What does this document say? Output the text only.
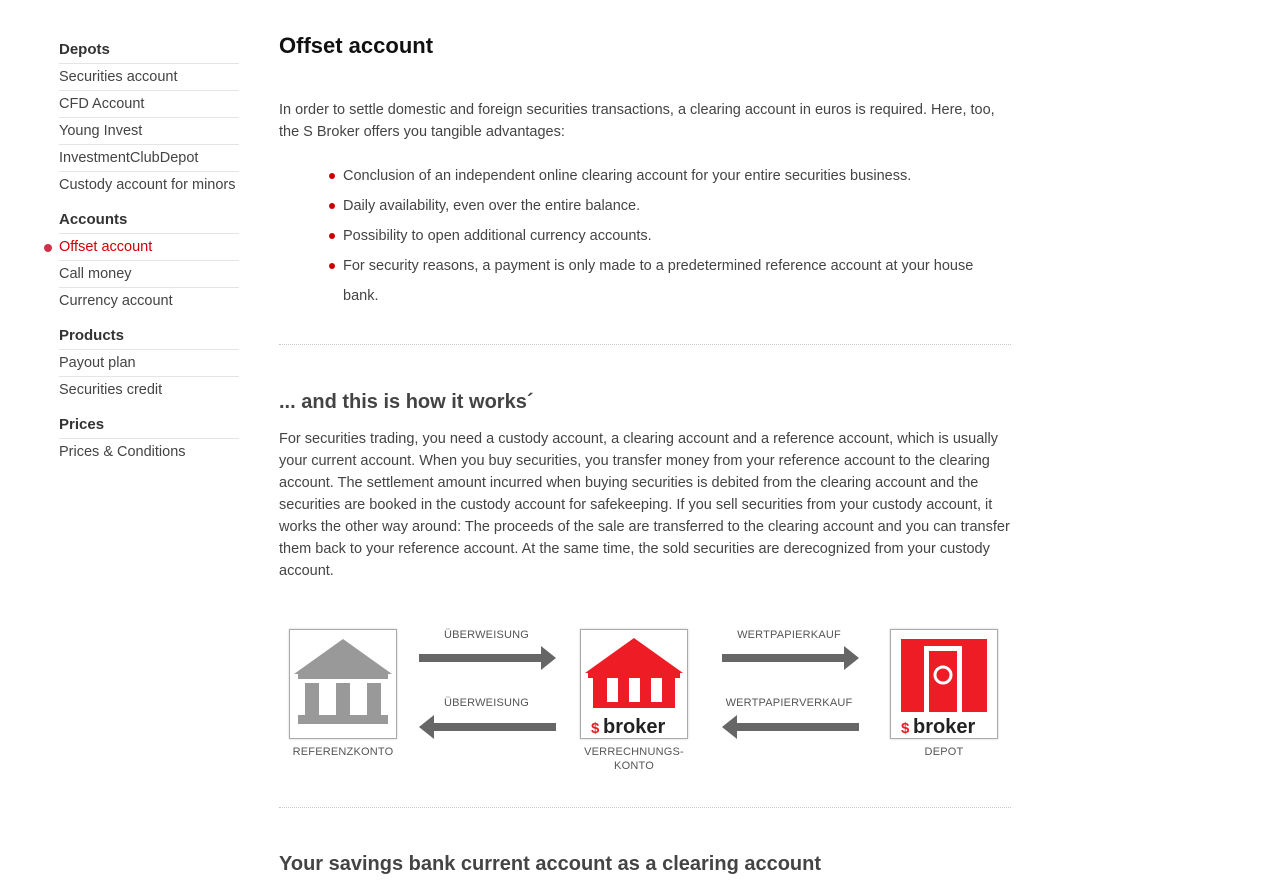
Depots
Securities account
CFD Account
Young Invest
InvestmentClubDepot
Custody account for minors
Accounts
Offset account
Call money
Currency account
Products
Payout plan
Securities credit
Prices
Prices & Conditions
Offset account

In order to settle domestic and foreign securities transactions, a clearing account in euros is required. Here, too, the S Broker offers you tangible advantages:

Conclusion of an independent online clearing account for your entire securities business.
Daily availability, even over the entire balance.
Possibility to open additional currency accounts.
For security reasons, a payment is only made to a predetermined reference account at your house bank.
... and this is how it works´

For securities trading, you need a custody account, a clearing account and a reference account, which is usually your current account. When you buy securities, you transfer money from your reference account to the clearing account. The settlement amount incurred when buying securities is debited from the clearing account and the securities are booked in the custody account for safekeeping. If you sell securities from your custody account, it works the other way around: The proceeds of the sale are transferred to the clearing account and you can transfer them back to your reference account. At the same time, the sold securities are derecognized from your custody account.

REFERENZKONTO
ÜBERWEISUNG
ÜBERWEISUNG
$ broker
VERRECHNUNGS-
KONTO
WERTPAPIERKAUF
WERTPAPIERVERKAUF
$ broker
DEPOT
Your savings bank current account as a clearing account
